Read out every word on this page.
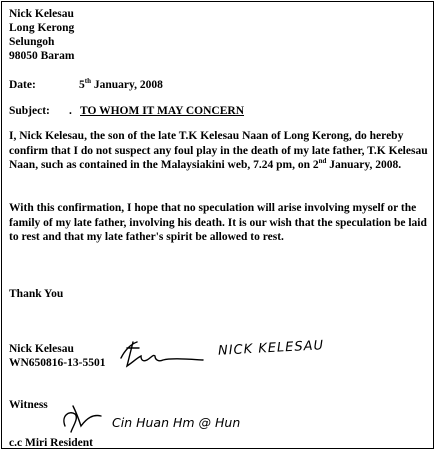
Nick Kelesau
Long Kerong
Selungoh
98050 Baram
Date:	5th January, 2008
Subject: . TO WHOM IT MAY CONCERN

I, Nick Kelesau, the son of the late T.K Kelesau Naan of Long Kerong, do hereby confirm that I do not suspect any foul play in the death of my late father, T.K Kelesau Naan, such as contained in the Malaysiakini web, 7.24 pm, on 2nd January, 2008.

With this confirmation, I hope that no speculation will arise involving myself or the family of my late father, involving his death. It is our wish that the speculation be laid to rest and that my late father's spirit be allowed to rest.

Thank You
Nick Kelesau
WN650816-13-5501
NICK KELESAU
Witness
Cin Huan Hm @ Hun
c.c Miri Resident
